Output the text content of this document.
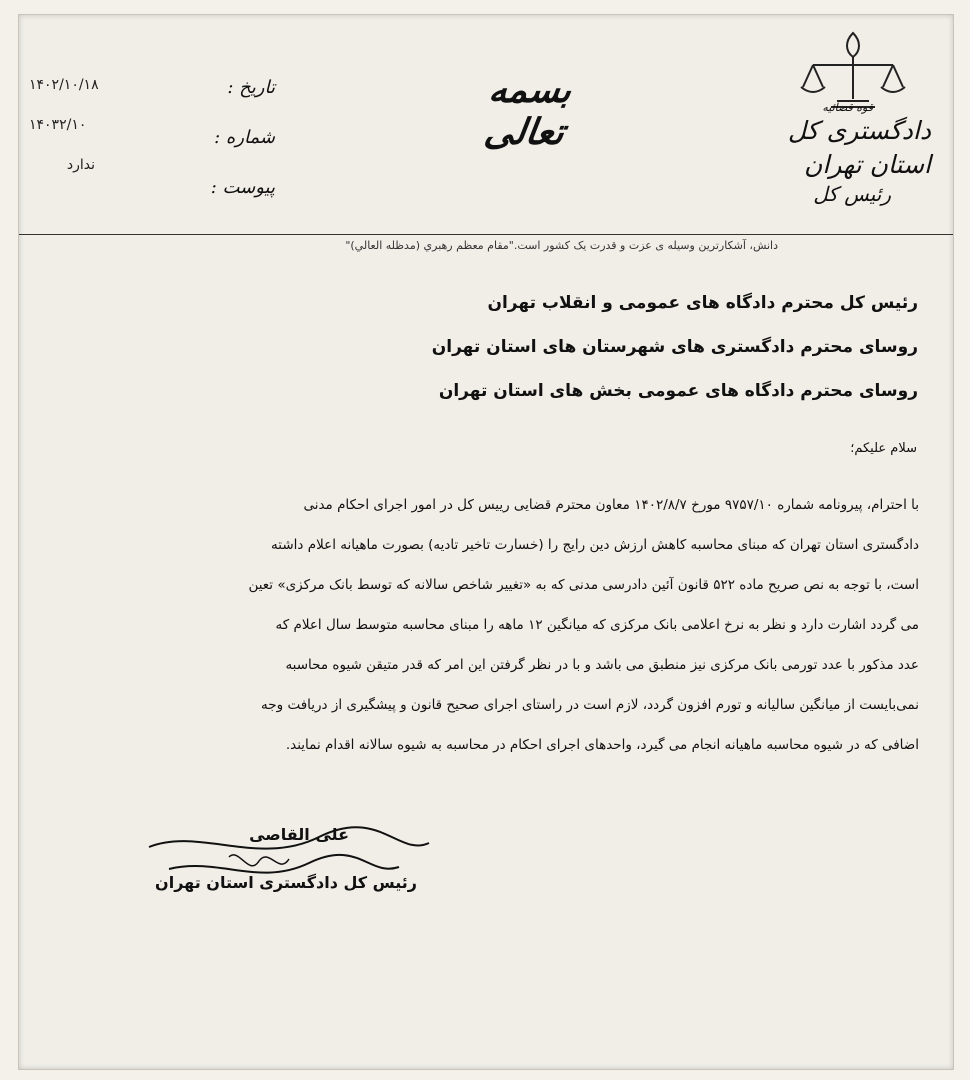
قوه قضائيه
دادگستری کل استان تهران
رئیس کل
بسمه تعالی
تاریخ :
شماره :
پیوست :
۱۴۰۲/۱۰/۱۸
۱۴۰۳۲/۱۰
ندارد
دانش، آشکارترین وسیله ی عزت و قدرت یک کشور است."مقام معظم رهبري (مدظله العالي)"
رئیس کل محترم دادگاه های عمومی و انقلاب تهران
روسای محترم دادگستری های شهرستان های استان تهران
روسای محترم دادگاه های عمومی بخش های استان تهران
سلام علیکم؛
با احترام، پیرونامه شماره ۹۷۵۷/۱۰ مورخ ۱۴۰۲/۸/۷ معاون محترم قضایی رییس کل در امور اجرای احکام مدنی
دادگستری استان تهران که مبنای محاسبه کاهش ارزش دین رایج را (خسارت تاخیر تادیه) بصورت ماهیانه اعلام داشته
است، با توجه به نص صریح ماده ۵۲۲ قانون آئین دادرسی مدنی که به «تغییر شاخص سالانه که توسط بانک مرکزی» تعین
می گردد اشارت دارد و نظر به نرخ اعلامی بانک مرکزی که میانگین ۱۲ ماهه را مبنای محاسبه متوسط سال اعلام که
عدد مذکور با عدد تورمی بانک مرکزی نیز منطبق می باشد و با در نظر گرفتن این امر که قدر متیقن شیوه محاسبه
نمی‌بایست از میانگین سالیانه و تورم افزون گردد، لازم است در راستای اجرای صحیح قانون و پیشگیری از دریافت وجه
اضافی که در شیوه محاسبه ماهیانه انجام می گیرد، واحدهای اجرای احکام در محاسبه به شیوه سالانه اقدام نمایند.
علی القاصی
رئیس کل دادگستری استان تهران
